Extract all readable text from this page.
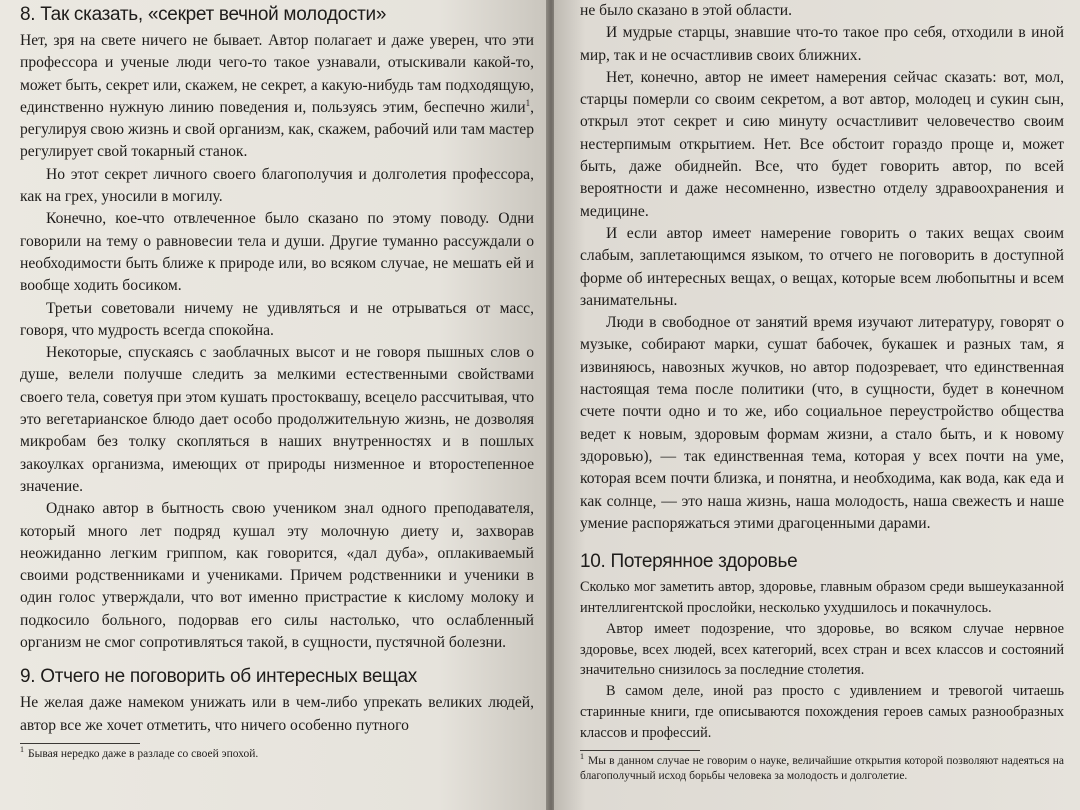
8. Так сказать, «секрет вечной молодости»

Нет, зря на свете ничего не бывает. Автор полагает и даже уверен, что эти профессора и ученые люди чего-то такое узнавали, отыскивали какой-то, может быть, секрет или, скажем, не секрет, а какую-нибудь там подходящую, единственно нужную линию поведения и, пользуясь этим, беспечно жили$^1$, регулируя свою жизнь и свой организм, как, скажем, рабочий или там мастер регулирует свой токарный станок.

Но этот секрет личного своего благополучия и долголетия профессора, как на грех, уносили в могилу.

Конечно, кое-что отвлеченное было сказано по этому поводу. Одни говорили на тему о равновесии тела и души. Другие туманно рассуждали о необходимости быть ближе к природе или, во всяком случае, не мешать ей и вообще ходить босиком.

Третьи советовали ничему не удивляться и не отрываться от масс, говоря, что мудрость всегда спокойна.

Некоторые, спускаясь с заоблачных высот и не говоря пышных слов о душе, велели получше следить за мелкими естественными свойствами своего тела, советуя при этом кушать простоквашу, всецело рассчитывая, что это вегетарианское блюдо дает особо продолжительную жизнь, не дозволяя микробам без толку скопляться в наших внутренностях и в пошлых закоулках организма, имеющих от природы низменное и второстепенное значение.

Однако автор в бытность свою учеником знал одного преподавателя, который много лет подряд кушал эту молочную диету и, захворав неожиданно легким гриппом, как говорится, «дал дуба», оплакиваемый своими родственниками и учениками. Причем родственники и ученики в один голос утверждали, что вот именно пристрастие к кислому молоку и подкосило больного, подорвав его силы настолько, что ослабленный организм не смог сопротивляться такой, в сущности, пустячной болезни.

9. Отчего не поговорить об интересных вещах

Не желая даже намеком унижать или в чем-либо упрекать великих людей, автор все же хочет отметить, что ничего особенно путного

$^1$ Бывая нередко даже в разладе со своей эпохой.

не было сказано в этой области.

И мудрые старцы, знавшие что-то такое про себя, отходили в иной мир, так и не осчастливив своих ближних.

Нет, конечно, автор не имеет намерения сейчас сказать: вот, мол, старцы померли со своим секретом, а вот автор, молодец и сукин сын, открыл этот секрет и сию минуту осчастливит человечество своим нестерпимым открытием. Нет. Все обстоит гораздо проще и, может быть, даже обиднейn. Все, что будет говорить автор, по всей вероятности и даже несомненно, известно отделу здравоохранения и медицине.

И если автор имеет намерение говорить о таких вещах своим слабым, заплетающимся языком, то отчего не поговорить в доступной форме об интересных вещах, о вещах, которые всем любопытны и всем занимательны.

Люди в свободное от занятий время изучают литературу, говорят о музыке, собирают марки, сушат бабочек, букашек и разных там, я извиняюсь, навозных жучков, но автор подозревает, что единственная настоящая тема после политики (что, в сущности, будет в конечном счете почти одно и то же, ибо социальное переустройство общества ведет к новым, здоровым формам жизни, а стало быть, и к новому здоровью), — так единственная тема, которая у всех почти на уме, которая всем почти близка, и понятна, и необходима, как вода, как еда и как солнце, — это наша жизнь, наша молодость, наша свежесть и наше умение распоряжаться этими драгоценными дарами.

10. Потерянное здоровье

Сколько мог заметить автор, здоровье, главным образом среди вышеуказанной интеллигентской прослойки, несколько ухудшилось и покачнулось.

Автор имеет подозрение, что здоровье, во всяком случае нервное здоровье, всех людей, всех категорий, всех стран и всех классов и состояний значительно снизилось за последние столетия.

В самом деле, иной раз просто с удивлением и тревогой читаешь старинные книги, где описываются похождения героев самых разнообразных классов и профессий.

$^1$ Мы в данном случае не говорим о науке, величайшие открытия которой позволяют надеяться на благополучный исход борьбы человека за молодость и долголетие.
